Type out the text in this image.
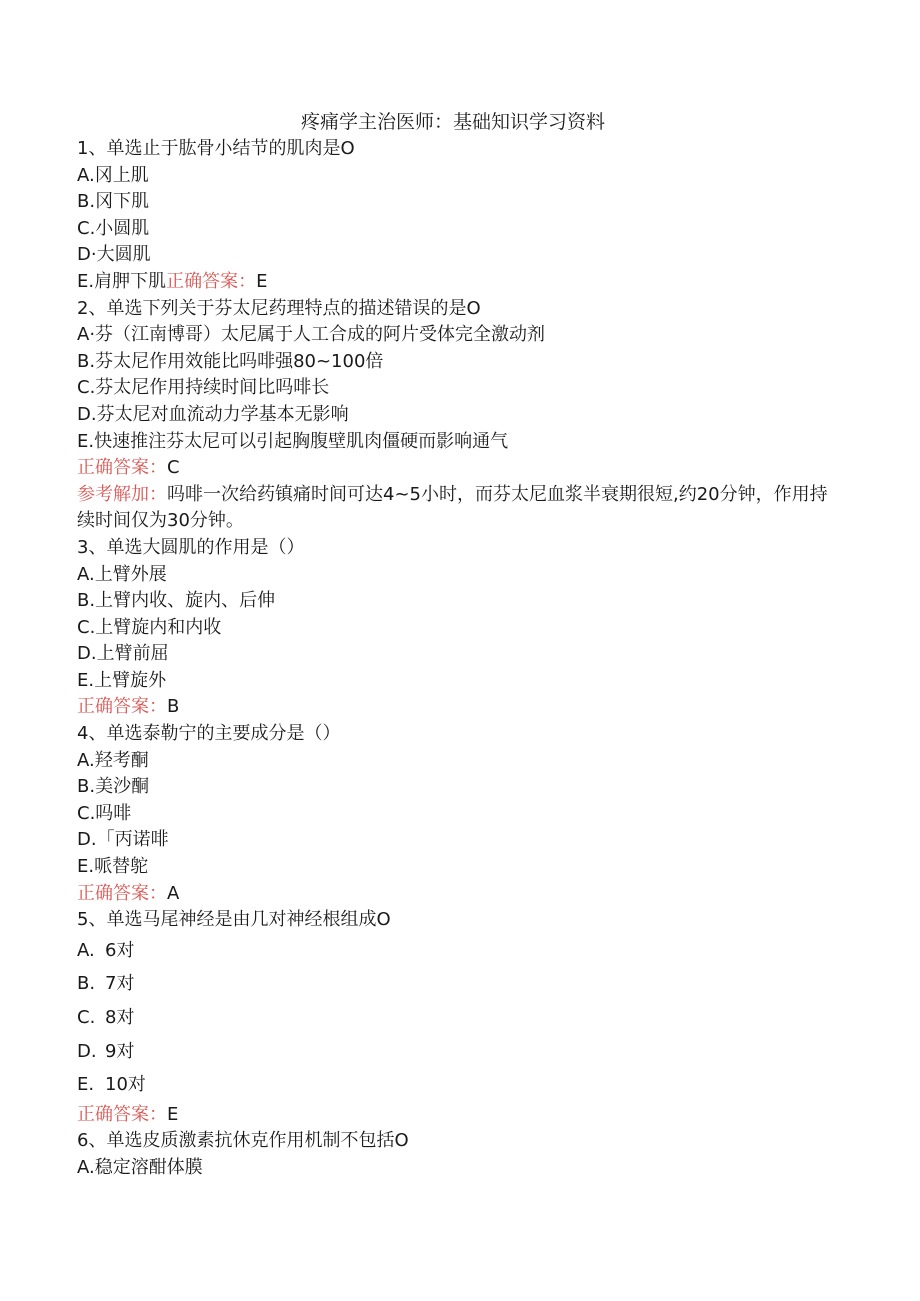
疼痛学主治医师：基础知识学习资料
1、单选止于肱骨小结节的肌肉是O
A.冈上肌
B.冈下肌
C.小圆肌
D·大圆肌
E.肩胛下肌正确答案：E
2、单选下列关于芬太尼药理特点的描述错误的是O
A·芬（江南博哥）太尼属于人工合成的阿片受体完全激动剂
B.芬太尼作用效能比吗啡强80~100倍
C.芬太尼作用持续时间比吗啡长
D.芬太尼对血流动力学基本无影响
E.快速推注芬太尼可以引起胸腹壁肌肉僵硬而影响通气
正确答案：C
参考解加：吗啡一次给药镇痛时间可达4~5小时，而芬太尼血浆半衰期很短,约20分钟，作用持续时间仅为30分钟。
3、单选大圆肌的作用是（）
A.上臂外展
B.上臂内收、旋内、后伸
C.上臂旋内和内收
D.上臂前屈
E.上臂旋外
正确答案：B
4、单选泰勒宁的主要成分是（）
A.羟考酮
B.美沙酮
C.吗啡
D.「丙诺啡
E.哌替鸵
正确答案：A
5、单选马尾神经是由几对神经根组成O
A. 6对
B. 7对
C. 8对
D. 9对
E. 10对
正确答案：E
6、单选皮质激素抗休克作用机制不包括O
A.稳定溶酣体膜
